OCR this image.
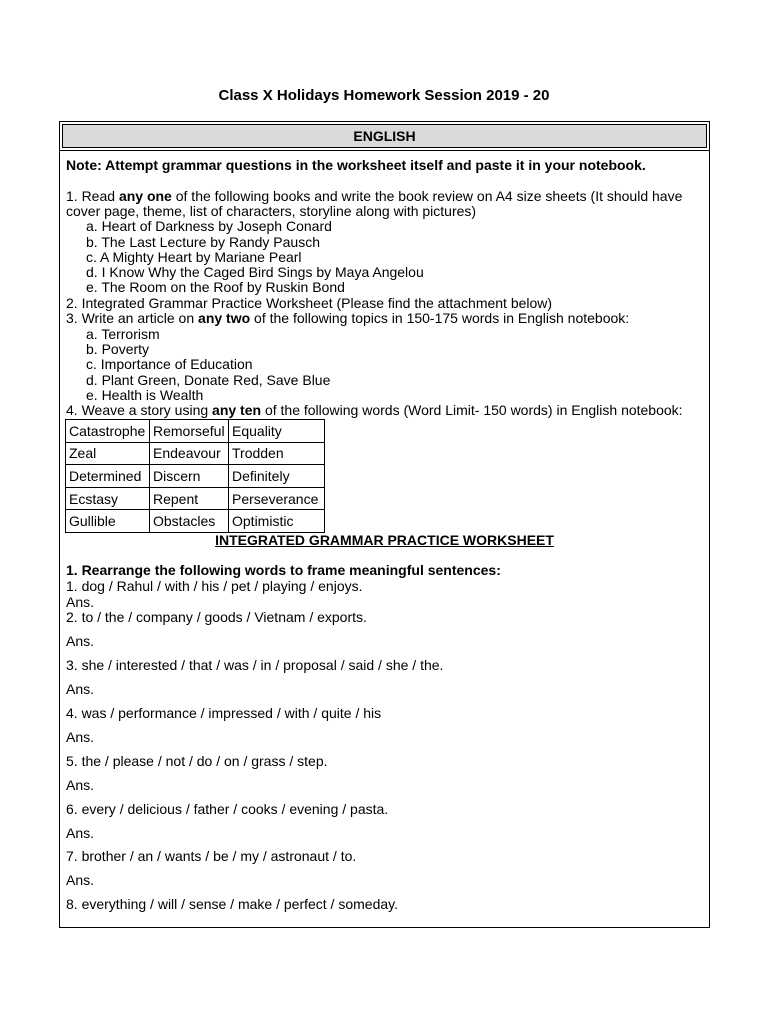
Class X Holidays Homework Session 2019 - 20
ENGLISH
Note: Attempt grammar questions in the worksheet itself and paste it in your notebook.
1. Read any one of the following books and write the book review on A4 size sheets (It should have
cover page, theme, list of characters, storyline along with pictures)
a. Heart of Darkness by Joseph Conard
b. The Last Lecture by Randy Pausch
c. A Mighty Heart by Mariane Pearl
d. I Know Why the Caged Bird Sings by Maya Angelou
e. The Room on the Roof by Ruskin Bond
2. Integrated Grammar Practice Worksheet (Please find the attachment below)
3. Write an article on any two of the following topics in 150-175 words in English notebook:
a. Terrorism
b. Poverty
c. Importance of Education
d. Plant Green, Donate Red, Save Blue
e. Health is Wealth
4. Weave a story using any ten of the following words (Word Limit- 150 words) in English notebook:
Catastrophe	Remorseful	Equality
Zeal	Endeavour	Trodden
Determined	Discern	Definitely
Ecstasy	Repent	Perseverance
Gullible	Obstacles	Optimistic
INTEGRATED GRAMMAR PRACTICE WORKSHEET
1. Rearrange the following words to frame meaningful sentences:
1. dog / Rahul / with / his / pet / playing / enjoys.
Ans.
2. to / the / company / goods / Vietnam / exports.
Ans.
3. she / interested / that / was / in / proposal / said / she / the.
Ans.
4. was / performance / impressed / with / quite / his
Ans.
5. the / please / not / do / on / grass / step.
Ans.
6. every / delicious / father / cooks / evening / pasta.
Ans.
7. brother / an / wants / be / my / astronaut / to.
Ans.
8. everything / will / sense / make / perfect / someday.
